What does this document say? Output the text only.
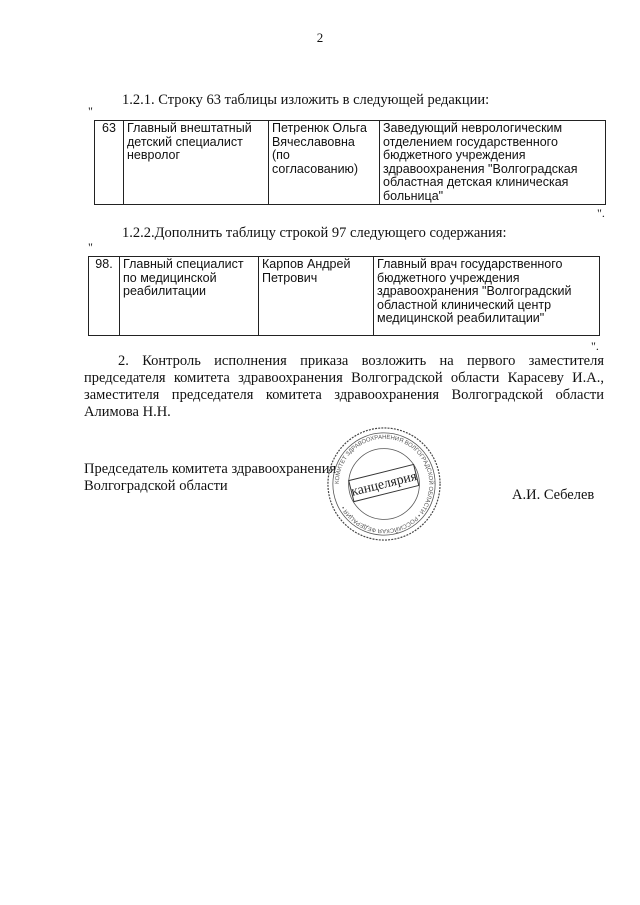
2
1.2.1. Строку 63 таблицы изложить в следующей редакции:
"
63	Главный внештатный детский специалист невролог	Петренюк Ольга Вячеславовна (по согласованию)	Заведующий неврологическим отделением государственного бюджетного учреждения здравоохранения "Волгоградская областная детская клиническая больница"
".
1.2.2.Дополнить таблицу строкой 97 следующего содержания:
"
98.	Главный специалист по медицинской реабилитации	Карпов Андрей Петрович	Главный врач государственного бюджетного учреждения здравоохранения "Волгоградский областной клинический центр медицинской реабилитации"
".
2. Контроль исполнения приказа возложить на первого заместителя председателя комитета здравоохранения Волгоградской области Карасеву И.А., заместителя председателя комитета здравоохранения Волгоградской области Алимова Н.Н.
Председатель комитета здравоохранения
Волгоградской области
А.И. Себелев
КОМИТЕТ ЗДРАВООХРАНЕНИЯ ВОЛГОГРАДСКОЙ ОБЛАСТИ • РОССИЙСКАЯ ФЕДЕРАЦИЯ •
канцелярия
